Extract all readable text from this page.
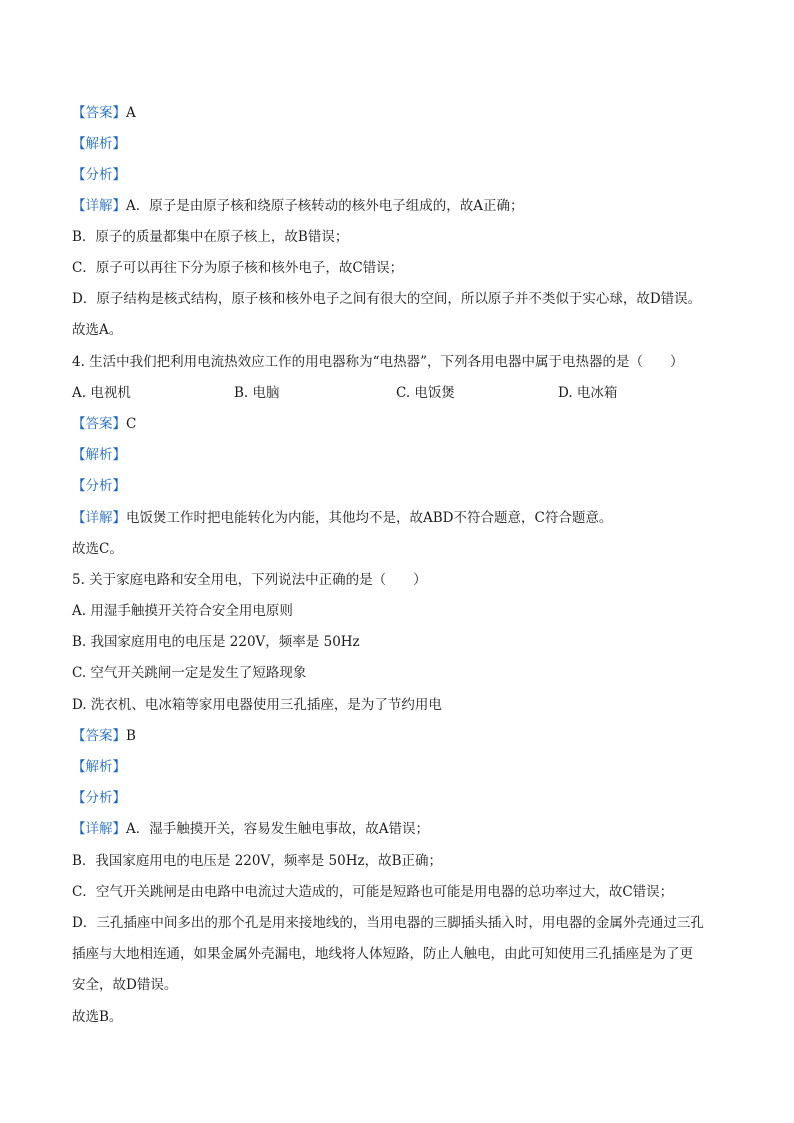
【答案】A
【解析】
【分析】
【详解】A．原子是由原子核和绕原子核转动的核外电子组成的，故A正确；
B．原子的质量都集中在原子核上，故B错误；
C．原子可以再往下分为原子核和核外电子，故C错误；
D．原子结构是核式结构，原子核和核外电子之间有很大的空间，所以原子并不类似于实心球，故D错误。
故选A。
4. 生活中我们把利用电流热效应工作的用电器称为“电热器”，下列各用电器中属于电热器的是（　　）
A. 电视机	B. 电脑	C. 电饭煲	D. 电冰箱
【答案】C
【解析】
【分析】
【详解】电饭煲工作时把电能转化为内能，其他均不是，故ABD不符合题意，C符合题意。
故选C。
5. 关于家庭电路和安全用电，下列说法中正确的是（　　）
A. 用湿手触摸开关符合安全用电原则
B. 我国家庭用电的电压是 220V，频率是 50Hz
C. 空气开关跳闸一定是发生了短路现象
D. 洗衣机、电冰箱等家用电器使用三孔插座，是为了节约用电
【答案】B
【解析】
【分析】
【详解】A．湿手触摸开关，容易发生触电事故，故A错误；
B．我国家庭用电的电压是 220V，频率是 50Hz，故B正确；
C．空气开关跳闸是由电路中电流过大造成的，可能是短路也可能是用电器的总功率过大，故C错误；
D．三孔插座中间多出的那个孔是用来接地线的，当用电器的三脚插头插入时，用电器的金属外壳通过三孔
插座与大地相连通，如果金属外壳漏电，地线将人体短路，防止人触电，由此可知使用三孔插座是为了更
安全，故D错误。
故选B。
